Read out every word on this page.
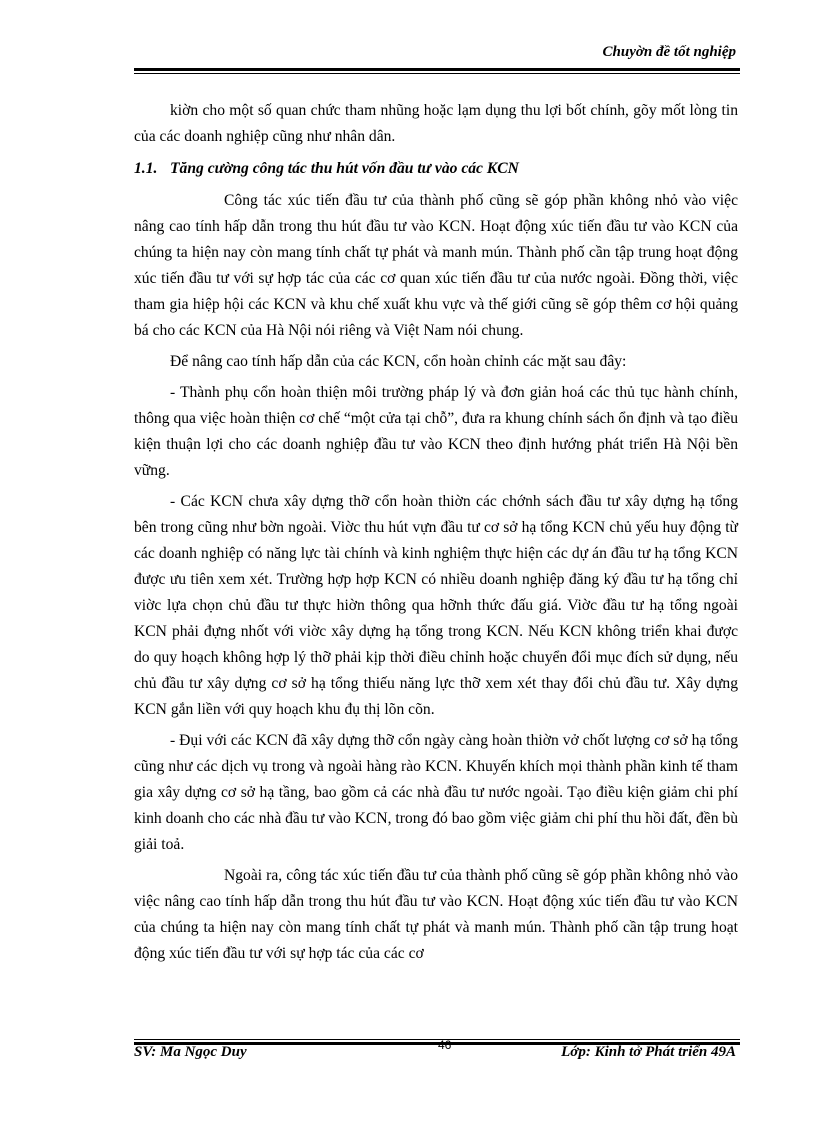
Chuyờn đề tốt nghiệp

kiờn cho một số quan chức tham nhũng hoặc lạm dụng thu lợi bốt chính, gõy mốt lòng tin của các doanh nghiệp cũng như nhân dân.

1.1. Tăng cường công tác thu hút vốn đầu tư vào các KCN

Công tác xúc tiến đầu tư của thành phố cũng sẽ góp phần không nhỏ vào việc nâng cao tính hấp dẫn trong thu hút đầu tư vào KCN. Hoạt động xúc tiến đầu tư vào KCN của chúng ta hiện nay còn mang tính chất tự phát và manh mún. Thành phố cần tập trung hoạt động xúc tiến đầu tư với sự hợp tác của các cơ quan xúc tiến đầu tư của nước ngoài. Đồng thời, việc tham gia hiệp hội các KCN và khu chế xuất khu vực và thế giới cũng sẽ góp thêm cơ hội quảng bá cho các KCN của Hà Nội nói riêng và Việt Nam nói chung.

Để nâng cao tính hấp dẫn của các KCN, cổn hoàn chỉnh các mặt sau đây:

- Thành phụ cổn hoàn thiện môi trường pháp lý và đơn giản hoá các thủ tục hành chính, thông qua việc hoàn thiện cơ chế “một cửa tại chỗ”, đưa ra khung chính sách ổn định và tạo điều kiện thuận lợi cho các doanh nghiệp đầu tư vào KCN theo định hướng phát triển Hà Nội bền vững.

- Các KCN chưa xây dựng thỡ cổn hoàn thiờn các chớnh sách đầu tư xây dựng hạ tổng bên trong cũng như bờn ngoài. Viờc thu hút vựn đầu tư cơ sở hạ tổng KCN chủ yếu huy động từ các doanh nghiệp có năng lực tài chính và kinh nghiệm thực hiện các dự án đầu tư hạ tổng KCN được ưu tiên xem xét. Trường hợp hợp KCN có nhiều doanh nghiệp đăng ký đầu tư hạ tổng chỉ viờc lựa chọn chủ đầu tư thực hiờn thông qua hỡnh thức đấu giá. Viờc đầu tư hạ tổng ngoài KCN phải đựng nhốt với viờc xây dựng hạ tổng trong KCN. Nếu KCN không triển khai được do quy hoạch không hợp lý thỡ phải kịp thời điều chỉnh hoặc chuyển đổi mục đích sử dụng, nếu chủ đầu tư xây dựng cơ sở hạ tổng thiếu năng lực thỡ xem xét thay đổi chủ đầu tư. Xây dựng KCN gắn liền với quy hoạch khu đụ thị lõn cõn.

- Đụi với các KCN đã xây dựng thỡ cổn ngày càng hoàn thiờn vở chốt lượng cơ sở hạ tổng cũng như các dịch vụ trong và ngoài hàng rào KCN. Khuyến khích mọi thành phần kinh tế tham gia xây dựng cơ sở hạ tầng, bao gồm cả các nhà đầu tư nước ngoài. Tạo điều kiện giảm chi phí kinh doanh cho các nhà đầu tư vào KCN, trong đó bao gồm việc giảm chi phí thu hồi đất, đền bù giải toả.

Ngoài ra, công tác xúc tiến đầu tư của thành phố cũng sẽ góp phần không nhỏ vào việc nâng cao tính hấp dẫn trong thu hút đầu tư vào KCN. Hoạt động xúc tiến đầu tư vào KCN của chúng ta hiện nay còn mang tính chất tự phát và manh mún. Thành phố cần tập trung hoạt động xúc tiến đầu tư với sự hợp tác của các cơ

SV: Ma Ngọc Duy	46	Lớp: Kinh tở Phát triển 49A
